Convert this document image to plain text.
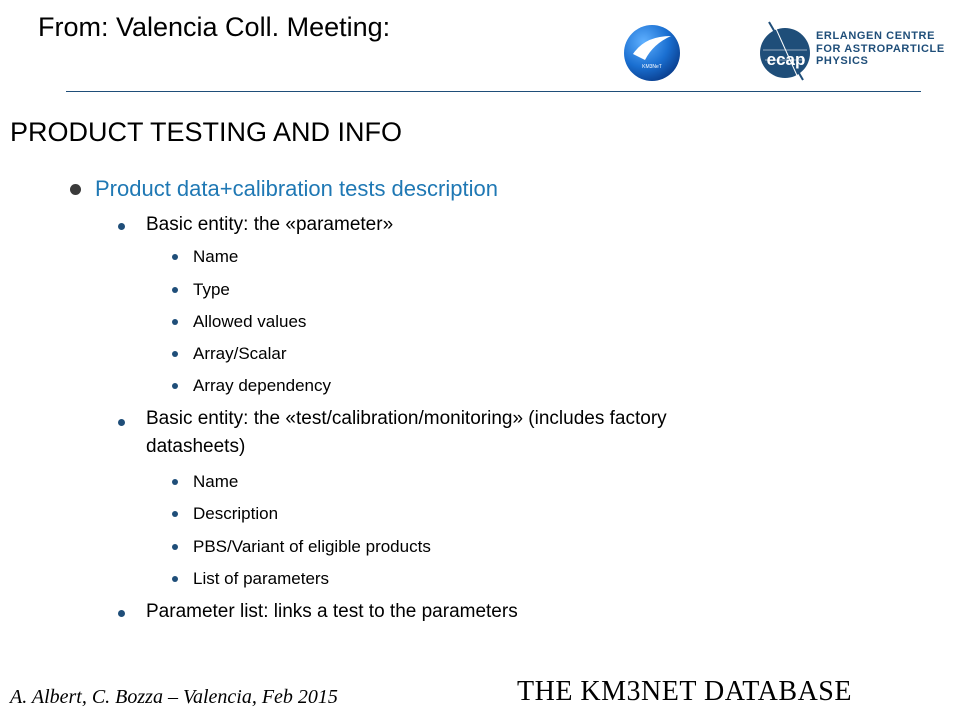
From: Valencia Coll. Meeting:
KM3NeT	ecap
ERLANGEN CENTRE
FOR ASTROPARTICLE
PHYSICS
PRODUCT TESTING AND INFO
Product data+calibration tests description
Basic entity: the «parameter»
Name
Type
Allowed values
Array/Scalar
Array dependency
Basic entity: the «test/calibration/monitoring» (includes factory
datasheets)
Name
Description
PBS/Variant of eligible products
List of parameters
Parameter list: links a test to the parameters
A. Albert, C. Bozza – Valencia, Feb 2015	THE KM3NET DATABASE
